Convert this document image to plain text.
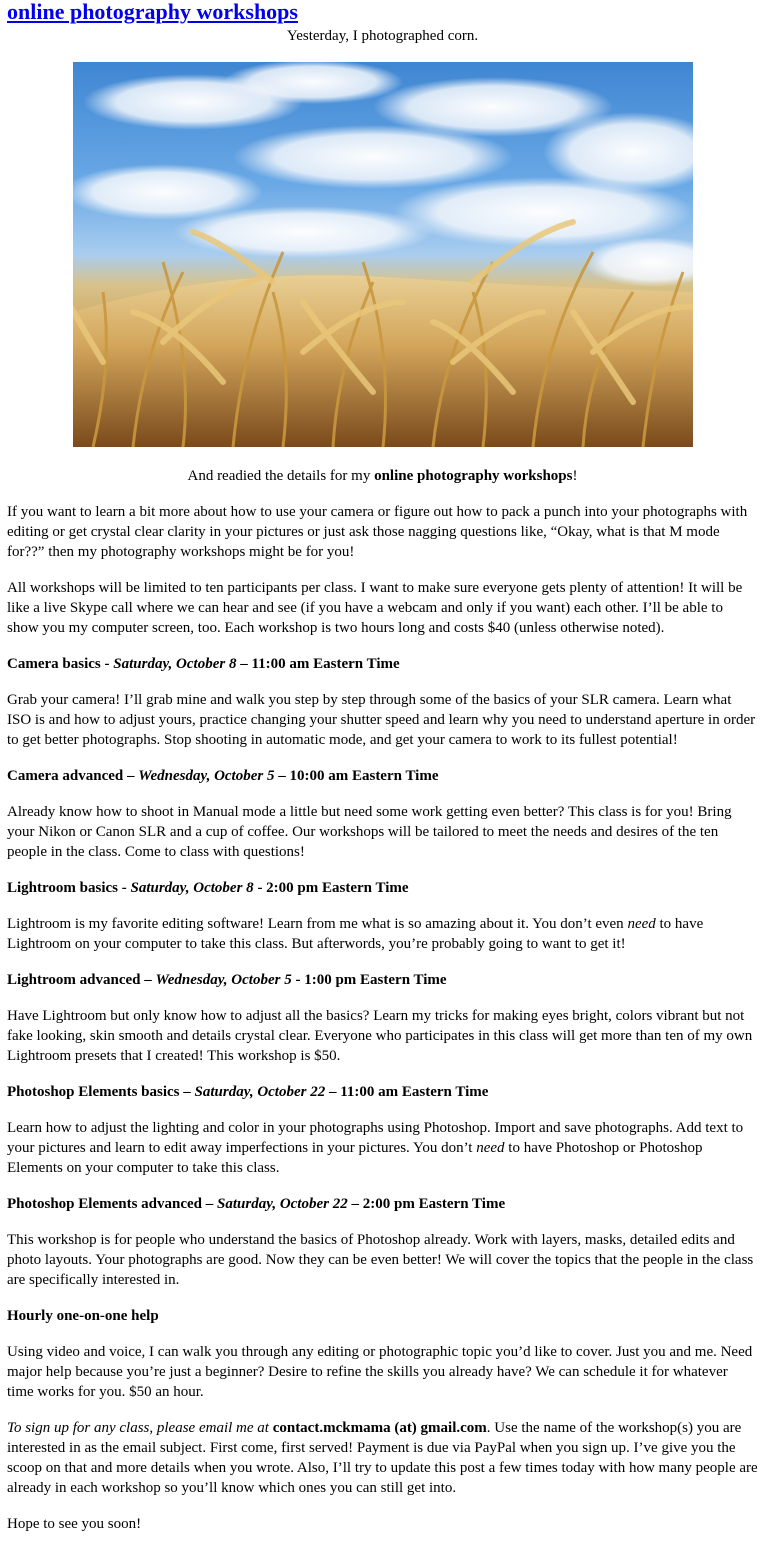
online photography workshops

Yesterday, I photographed corn.

And readied the details for my online photography workshops!

If you want to learn a bit more about how to use your camera or figure out how to pack a punch into your photographs with editing or get crystal clear clarity in your pictures or just ask those nagging questions like, “Okay, what is that M mode for??” then my photography workshops might be for you!

All workshops will be limited to ten participants per class. I want to make sure everyone gets plenty of attention! It will be like a live Skype call where we can hear and see (if you have a webcam and only if you want) each other. I’ll be able to show you my computer screen, too. Each workshop is two hours long and costs $40 (unless otherwise noted).

Camera basics - Saturday, October 8 – 11:00 am Eastern Time

Grab your camera! I’ll grab mine and walk you step by step through some of the basics of your SLR camera. Learn what ISO is and how to adjust yours, practice changing your shutter speed and learn why you need to understand aperture in order to get better photographs. Stop shooting in automatic mode, and get your camera to work to its fullest potential!

Camera advanced – Wednesday, October 5 – 10:00 am Eastern Time

Already know how to shoot in Manual mode a little but need some work getting even better? This class is for you! Bring your Nikon or Canon SLR and a cup of coffee. Our workshops will be tailored to meet the needs and desires of the ten people in the class. Come to class with questions!

Lightroom basics - Saturday, October 8 - 2:00 pm Eastern Time

Lightroom is my favorite editing software! Learn from me what is so amazing about it. You don’t even need to have Lightroom on your computer to take this class. But afterwords, you’re probably going to want to get it!

Lightroom advanced – Wednesday, October 5 - 1:00 pm Eastern Time

Have Lightroom but only know how to adjust all the basics? Learn my tricks for making eyes bright, colors vibrant but not fake looking, skin smooth and details crystal clear. Everyone who participates in this class will get more than ten of my own Lightroom presets that I created! This workshop is $50.

Photoshop Elements basics – Saturday, October 22 – 11:00 am Eastern Time

Learn how to adjust the lighting and color in your photographs using Photoshop. Import and save photographs. Add text to your pictures and learn to edit away imperfections in your pictures. You don’t need to have Photoshop or Photoshop Elements on your computer to take this class.

Photoshop Elements advanced – Saturday, October 22 – 2:00 pm Eastern Time

This workshop is for people who understand the basics of Photoshop already. Work with layers, masks, detailed edits and photo layouts. Your photographs are good. Now they can be even better! We will cover the topics that the people in the class are specifically interested in.

Hourly one-on-one help

Using video and voice, I can walk you through any editing or photographic topic you’d like to cover. Just you and me. Need major help because you’re just a beginner? Desire to refine the skills you already have? We can schedule it for whatever time works for you. $50 an hour.

To sign up for any class, please email me at contact.mckmama (at) gmail.com. Use the name of the workshop(s) you are interested in as the email subject. First come, first served! Payment is due via PayPal when you sign up. I’ve give you the scoop on that and more details when you wrote. Also, I’ll try to update this post a few times today with how many people are already in each workshop so you’ll know which ones you can still get into.

Hope to see you soon!
